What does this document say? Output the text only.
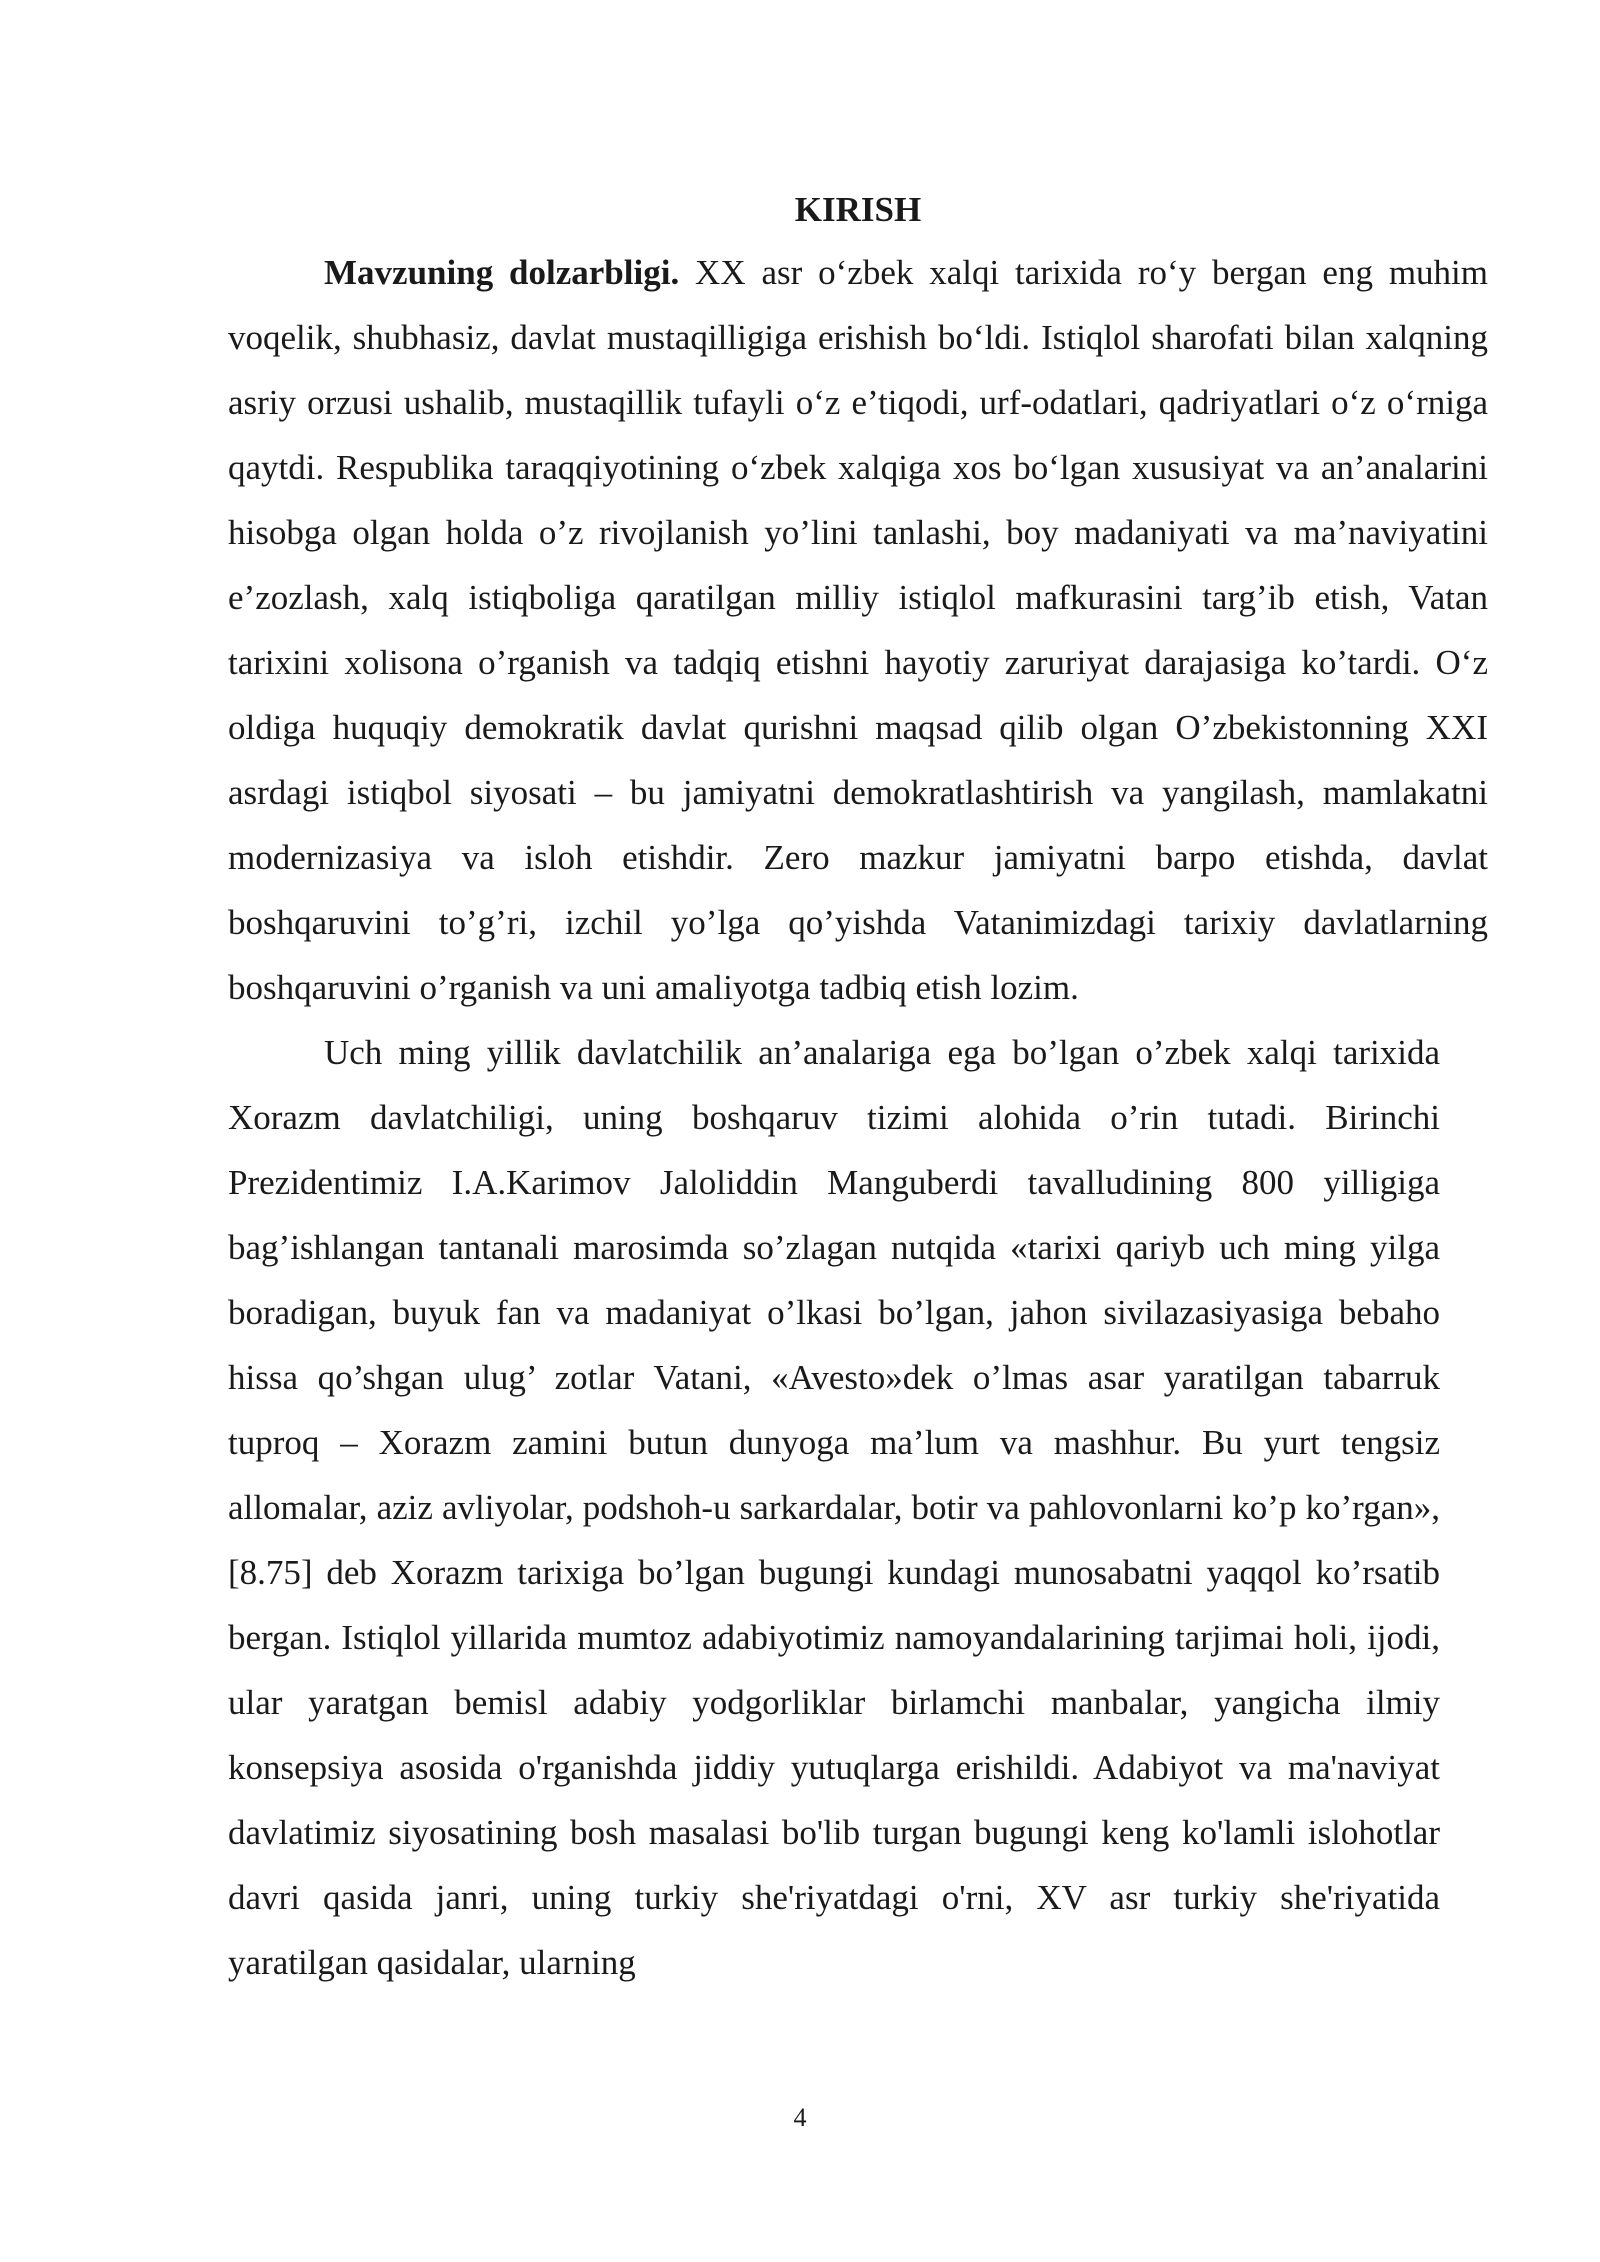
KIRISH

Mavzuning dolzarbligi. XX asr o‘zbek xalqi tarixida ro‘y bergan eng muhim voqelik, shubhasiz, davlat mustaqilligiga erishish bo‘ldi. Istiqlol sharofati bilan xalqning asriy orzusi ushalib, mustaqillik tufayli o‘z e’tiqodi, urf-odatlari, qadriyatlari o‘z o‘rniga qaytdi. Respublika taraqqiyotining o‘zbek xalqiga xos bo‘lgan xususiyat va an’analarini hisobga olgan holda o’z rivojlanish yo’lini tanlashi, boy madaniyati va ma’naviyatini e’zozlash, xalq istiqboliga qaratilgan milliy istiqlol mafkurasini targ’ib etish, Vatan tarixini xolisona o’rganish va tadqiq etishni hayotiy zaruriyat darajasiga ko’tardi. O‘z oldiga huquqiy demokratik davlat qurishni maqsad qilib olgan O’zbekistonning XXI asrdagi istiqbol siyosati – bu jamiyatni demokratlashtirish va yangilash, mamlakatni modernizasiya va isloh etishdir. Zero mazkur jamiyatni barpo etishda, davlat boshqaruvini to’g’ri, izchil yo’lga qo’yishda Vatanimizdagi tarixiy davlatlarning boshqaruvini o’rganish va uni amaliyotga tadbiq etish lozim.

Uch ming yillik davlatchilik an’analariga ega bo’lgan o’zbek xalqi tarixida Xorazm davlatchiligi, uning boshqaruv tizimi alohida o’rin tutadi. Birinchi Prezidentimiz I.A.Karimov Jaloliddin Manguberdi tavalludining 800 yilligiga bag’ishlangan tantanali marosimda so’zlagan nutqida «tarixi qariyb uch ming yilga boradigan, buyuk fan va madaniyat o’lkasi bo’lgan, jahon sivilazasiyasiga bebaho hissa qo’shgan ulug’ zotlar Vatani, «Avesto»dek o’lmas asar yaratilgan tabarruk tuproq – Xorazm zamini butun dunyoga ma’lum va mashhur. Bu yurt tengsiz allomalar, aziz avliyolar, podshoh-u sarkardalar, botir va pahlovonlarni ko’p ko’rgan», [8.75] deb Xorazm tarixiga bo’lgan bugungi kundagi munosabatni yaqqol ko’rsatib bergan. Istiqlol yillarida mumtoz adabiyotimiz namoyandalarining tarjimai holi, ijodi, ular yaratgan bemisl adabiy yodgorliklar birlamchi manbalar, yangicha ilmiy konsepsiya asosida o'rganishda jiddiy yutuqlarga erishildi. Adabiyot va ma'naviyat davlatimiz siyosatining bosh masalasi bo'lib turgan bugungi keng ko'lamli islohotlar davri qasida janri, uning turkiy she'riyatdagi o'rni, XV asr turkiy she'riyatida yaratilgan qasidalar, ularning

4
